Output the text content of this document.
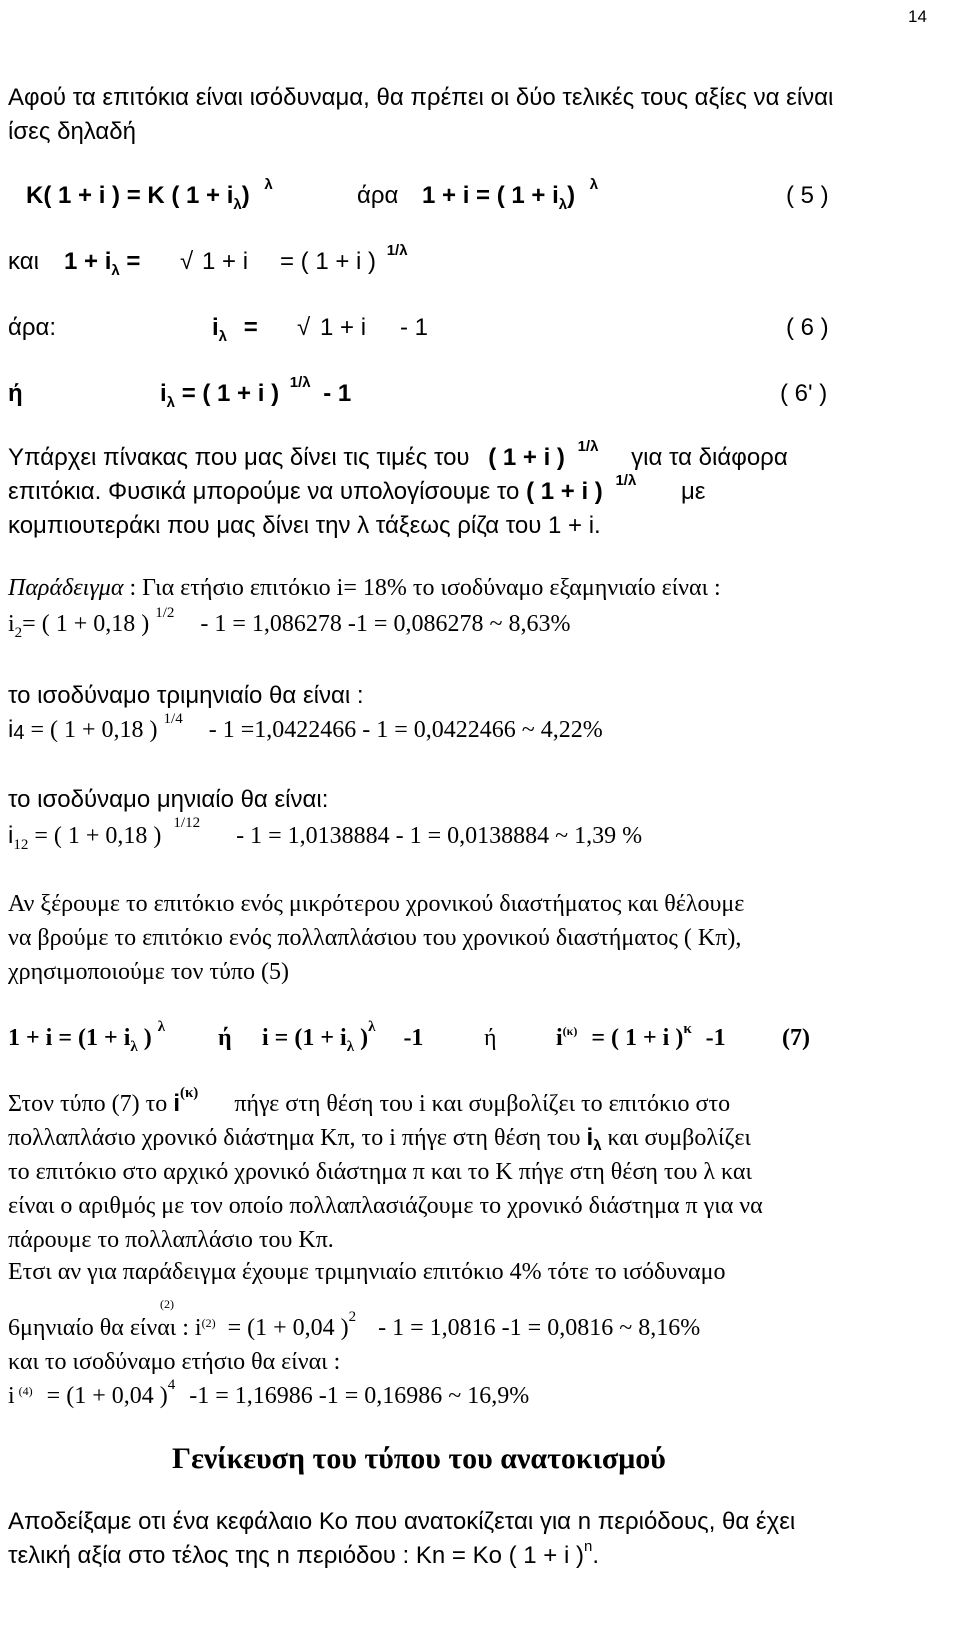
14
Αφού τα επιτόκια είναι ισόδυναμα, θα πρέπει οι δύο τελικές τους αξίες να είναι
ίσες δηλαδή
Κ( 1 + i ) = K ( $1 + i_\lambda$) $^\lambda$	άρα 1 + i = ( $1 + i_\lambda$) $^\lambda$	( 5 )
και $1 + i_\lambda$ = √ 1 + i = ( 1 + i ) $^{1/\lambda}$
άρα:	$i_\lambda$ = √ 1 + i - 1	( 6 )
ή	$i_\lambda$ = ( 1 + i ) $^{1/\lambda}$ - 1	( 6' )
Υπάρχει πίνακας που μας δίνει τις τιμές του ( 1 + i ) $^{1/\lambda}$ για τα διάφορα
επιτόκια. Φυσικά μπορούμε να υπολογίσουμε το ( 1 + i ) $^{1/\lambda}$ με
κομπιουτεράκι που μας δίνει την λ τάξεως ρίζα του 1 + i.
Παράδειγμα : Για ετήσιο επιτόκιο i= 18% το ισοδύναμο εξαμηνιαίο είναι :
$i_2=$ ( 1 + 0,18 ) $^{1/2}$ - 1 = 1,086278 -1 = 0,086278 ~ 8,63%
το ισοδύναμο τριμηνιαίο θα είναι :
i4 = ( 1 + 0,18 ) $^{1/4}$ - 1 =1,0422466 - 1 = 0,0422466 ~ 4,22%
το ισοδύναμο μηνιαίο θα είναι:
$i_{12}$ = ( 1 + 0,18 ) $^{1/12}$ - 1 = 1,0138884 - 1 = 0,0138884 ~ 1,39 %
Αν ξέρουμε το επιτόκιο ενός μικρότερου χρονικού διαστήματος και θέλουμε
να βρούμε το επιτόκιο ενός πολλαπλάσιου του χρονικού διαστήματος ( Κπ),
χρησιμοποιούμε τον τύπο (5)
$1 + i = (1 + i_\lambda$ ) $^\lambda$ ή $i = (1 + i_\lambda$ )$^\lambda$ -1	ή $i^{(\kappa)}$ = ( 1 + i )$^\kappa$ -1 (7)
Στον τύπο (7) το $i^{(\kappa)}$ πήγε στη θέση του i και συμβολίζει το επιτόκιο στο
πολλαπλάσιο χρονικό διάστημα Κπ, το i πήγε στη θέση του $i_\lambda$ και συμβολίζει
το επιτόκιο στο αρχικό χρονικό διάστημα π και το Κ πήγε στη θέση του λ και
είναι ο αριθμός με τον οποίο πολλαπλασιάζουμε το χρονικό διάστημα π για να
πάρουμε το πολλαπλάσιο του Κπ.
Ετσι αν για παράδειγμα έχουμε τριμηνιαίο επιτόκιο 4% τότε το ισόδυναμο
(2)
6μηνιαίο θα είναι : $i^{(2)} = (1 + 0,04$ )$^2$ - 1 = 1,0816 -1 = 0,0816 ~ 8,16%
και το ισοδύναμο ετήσιο θα είναι :
i $^{(4)}$ = (1 + 0,04 )$^4$ -1 = 1,16986 -1 = 0,16986 ~ 16,9%
Γενίκευση του τύπου του ανατοκισμού
Αποδείξαμε οτι ένα κεφάλαιο Κο που ανατοκίζεται για n περιόδους, θα έχει
τελική αξία στο τέλος της n περιόδου : Kn = Ko ( 1 + i )$^n$.
